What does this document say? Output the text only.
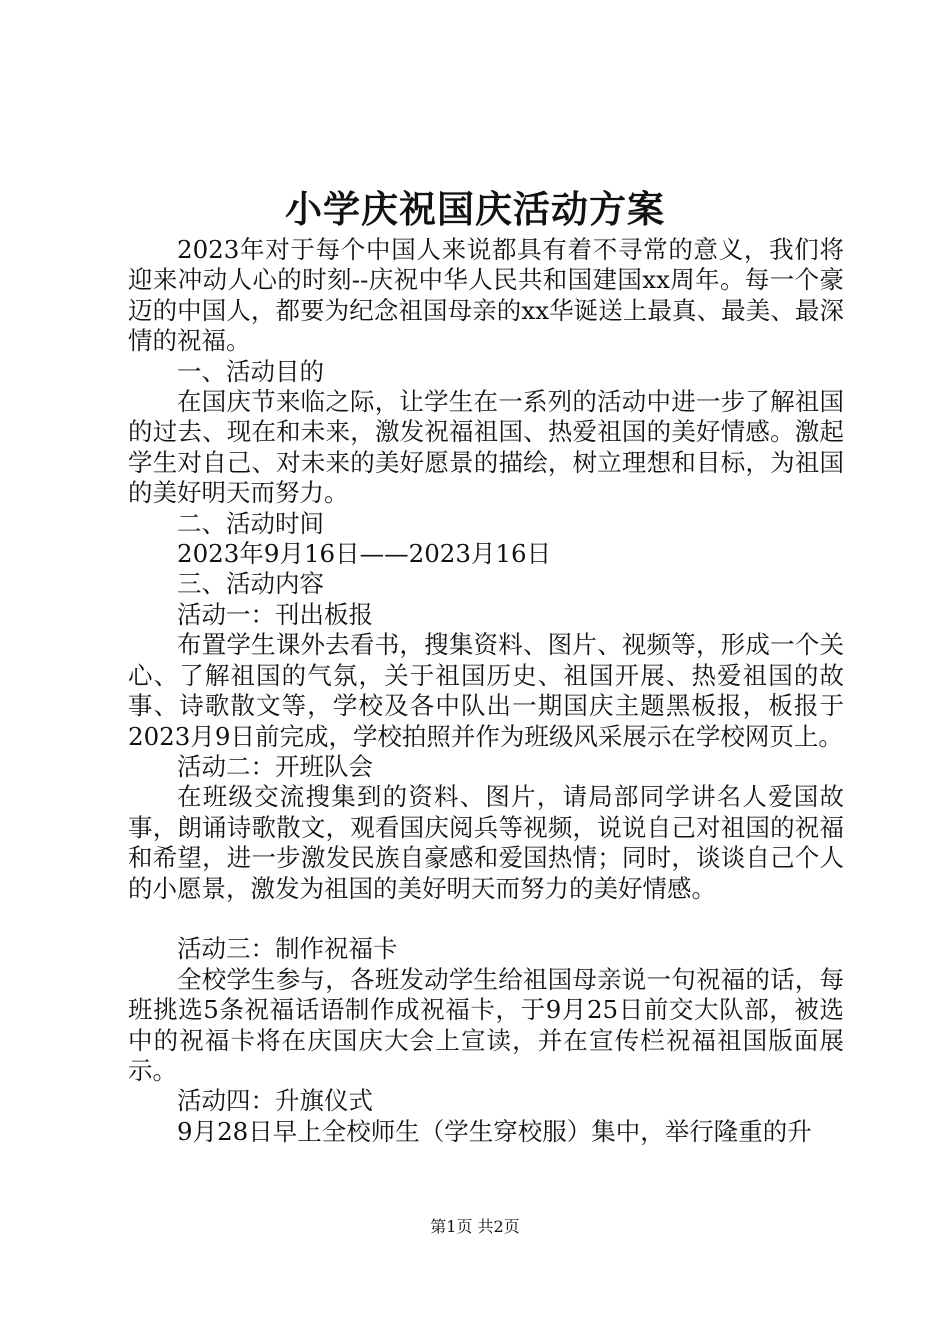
小学庆祝国庆活动方案

2023年对于每个中国人来说都具有着不寻常的意义，我们将迎来冲动人心的时刻--庆祝中华人民共和国建国xx周年。每一个豪迈的中国人，都要为纪念祖国母亲的xx华诞送上最真、最美、最深情的祝福。

一、活动目的

在国庆节来临之际，让学生在一系列的活动中进一步了解祖国的过去、现在和未来，激发祝福祖国、热爱祖国的美好情感。激起学生对自己、对未来的美好愿景的描绘，树立理想和目标，为祖国的美好明天而努力。

二、活动时间

2023年9月16日——2023月16日

三、活动内容

活动一：刊出板报

布置学生课外去看书，搜集资料、图片、视频等，形成一个关心、了解祖国的气氛，关于祖国历史、祖国开展、热爱祖国的故事、诗歌散文等，学校及各中队出一期国庆主题黑板报，板报于2023月9日前完成，学校拍照并作为班级风采展示在学校网页上。

活动二：开班队会

在班级交流搜集到的资料、图片，请局部同学讲名人爱国故事，朗诵诗歌散文，观看国庆阅兵等视频，说说自己对祖国的祝福和希望，进一步激发民族自豪感和爱国热情；同时，谈谈自己个人的小愿景，激发为祖国的美好明天而努力的美好情感。

活动三：制作祝福卡

全校学生参与，各班发动学生给祖国母亲说一句祝福的话，每班挑选5条祝福话语制作成祝福卡，于9月25日前交大队部，被选中的祝福卡将在庆国庆大会上宣读，并在宣传栏祝福祖国版面展示。

活动四：升旗仪式

9月28日早上全校师生（学生穿校服）集中，举行隆重的升

第1页 共2页
